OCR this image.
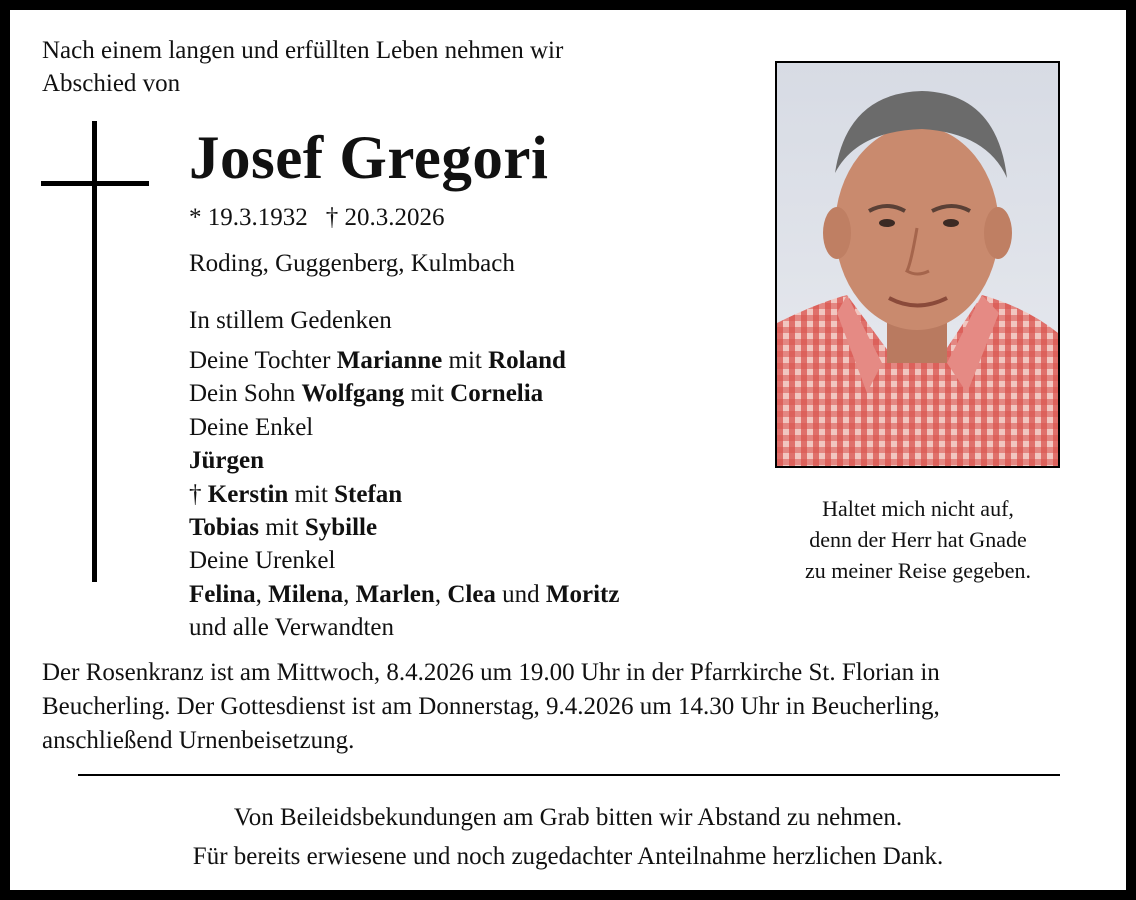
Nach einem langen und erfüllten Leben nehmen wir
Abschied von
Josef Gregori
* 19.3.1932 † 20.3.2026
Roding, Guggenberg, Kulmbach
In stillem Gedenken
Deine Tochter Marianne mit Roland
Dein Sohn Wolfgang mit Cornelia
Deine Enkel
Jürgen
† Kerstin mit Stefan
Tobias mit Sybille
Deine Urenkel
Felina, Milena, Marlen, Clea und Moritz
und alle Verwandten
Haltet mich nicht auf,
denn der Herr hat Gnade
zu meiner Reise gegeben.
Der Rosenkranz ist am Mittwoch, 8.4.2026 um 19.00 Uhr in der Pfarrkirche St. Florian in
Beucherling. Der Gottesdienst ist am Donnerstag, 9.4.2026 um 14.30 Uhr in Beucherling,
anschließend Urnenbeisetzung.
Von Beileidsbekundungen am Grab bitten wir Abstand zu nehmen.
Für bereits erwiesene und noch zugedachter Anteilnahme herzlichen Dank.
